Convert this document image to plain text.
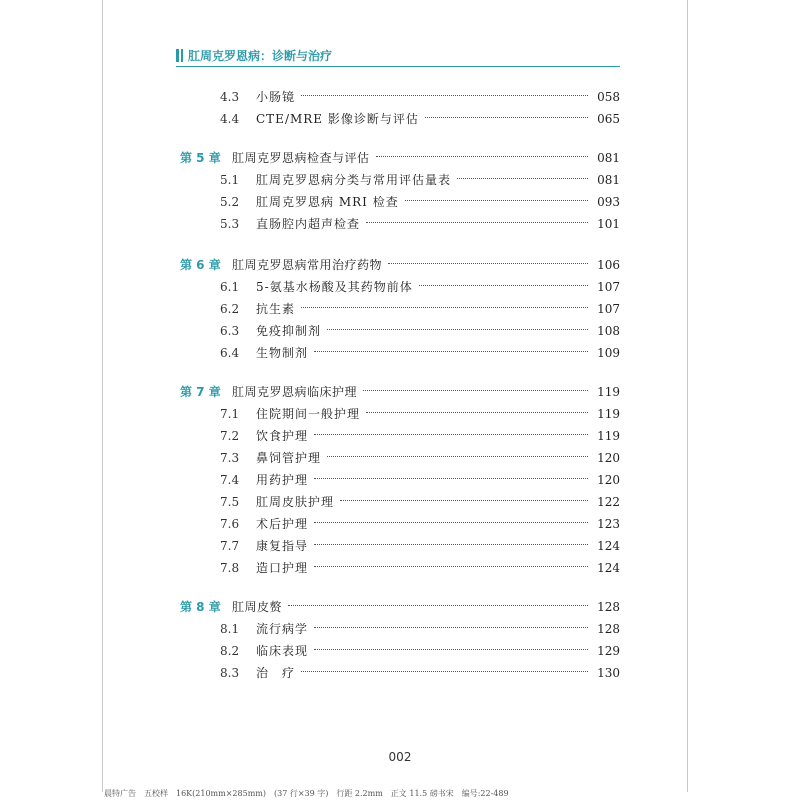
肛周克罗恩病：诊断与治疗
4.3	小肠镜	058
4.4	CTE/MRE 影像诊断与评估	065
第 5 章 肛周克罗恩病检查与评估	081
5.1	肛周克罗恩病分类与常用评估量表	081
5.2	肛周克罗恩病 MRI 检查	093
5.3	直肠腔内超声检查	101
第 6 章 肛周克罗恩病常用治疗药物	106
6.1	5-氨基水杨酸及其药物前体	107
6.2	抗生素	107
6.3	免疫抑制剂	108
6.4	生物制剂	109
第 7 章 肛周克罗恩病临床护理	119
7.1	住院期间一般护理	119
7.2	饮食护理	119
7.3	鼻饲管护理	120
7.4	用药护理	120
7.5	肛周皮肤护理	122
7.6	术后护理	123
7.7	康复指导	124
7.8	造口护理	124
第 8 章 肛周皮赘	128
8.1	流行病学	128
8.2	临床表现	129
8.3	治　疗	130
002
晨特广告　五校样　16K(210mm×285mm)　(37 行×39 字)　行距 2.2mm　正文 11.5 磅书宋　编号:22-489
